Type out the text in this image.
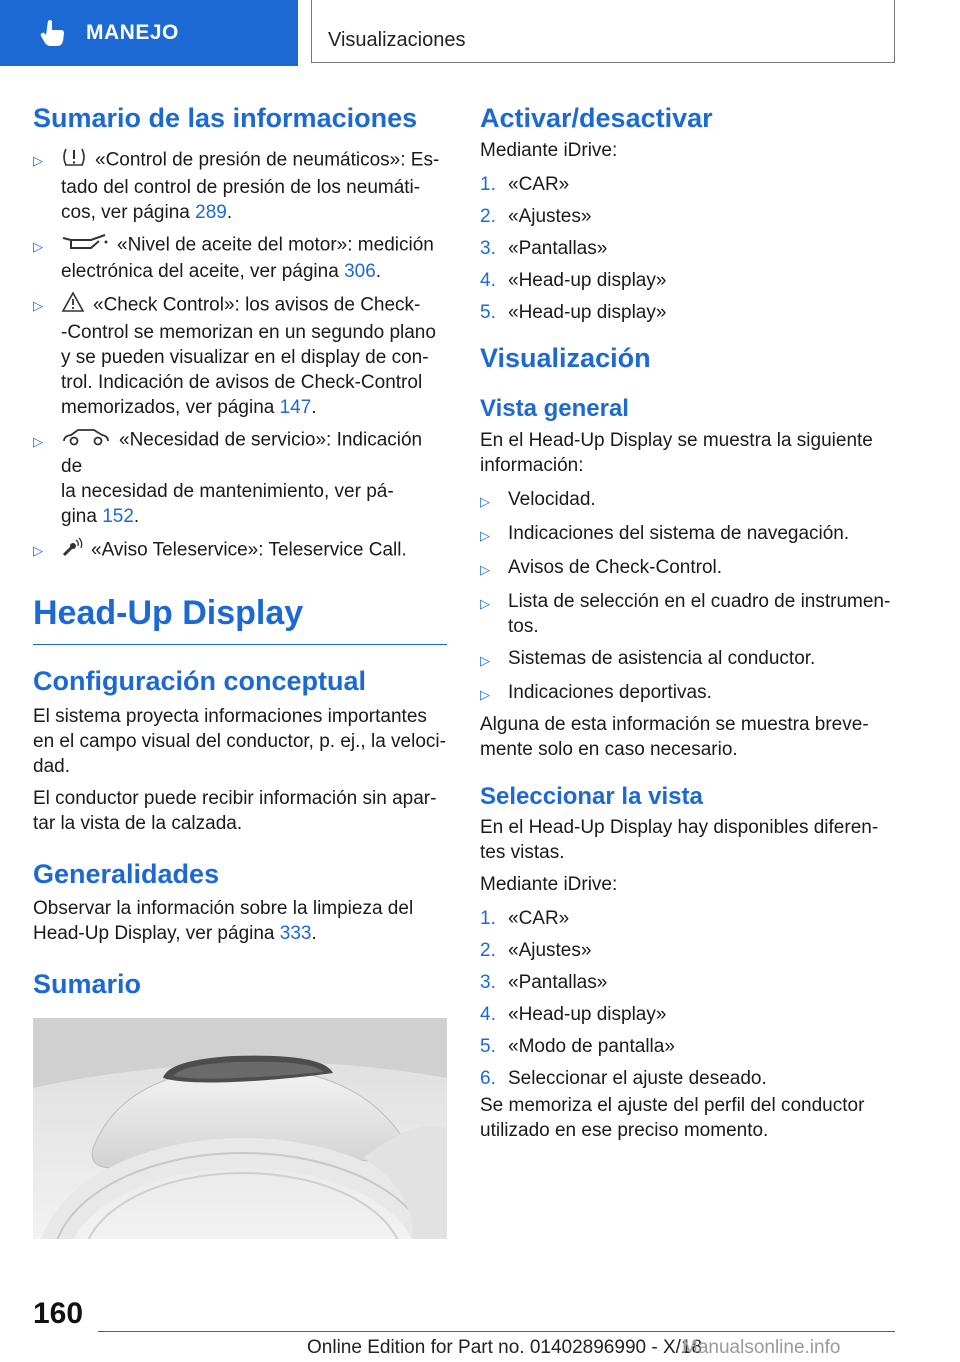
MANEJO	Visualizaciones
Sumario de las informaciones
▷	«Control de presión de neumáticos»: Es-
tado del control de presión de los neumáti-
cos, ver página 289.
▷	«Nivel de aceite del motor»: medición
electrónica del aceite, ver página 306.
▷	«Check Control»: los avisos de Check-
-Control se memorizan en un segundo plano
y se pueden visualizar en el display de con-
trol. Indicación de avisos de Check-Control
memorizados, ver página 147.
▷	«Necesidad de servicio»: Indicación de
la necesidad de mantenimiento, ver pá-
gina 152.
▷	«Aviso Teleservice»: Teleservice Call.
Head-Up Display
Configuración conceptual

El sistema proyecta informaciones importantes en el campo visual del conductor, p. ej., la veloci- dad.

El conductor puede recibir información sin apar- tar la vista de la calzada.

Generalidades

Observar la información sobre la limpieza del Head-Up Display, ver página 333.

Sumario
Activar/desactivar

Mediante iDrive:

1. «CAR»
2. «Ajustes»
3. «Pantallas»
4. «Head-up display»
5. «Head-up display»
Visualización
Vista general

En el Head-Up Display se muestra la siguiente información:

▷ Velocidad.
▷ Indicaciones del sistema de navegación.
▷ Avisos de Check-Control.
▷ Lista de selección en el cuadro de instrumen- tos.
▷ Sistemas de asistencia al conductor.
▷ Indicaciones deportivas.

Alguna de esta información se muestra breve- mente solo en caso necesario.

Seleccionar la vista

En el Head-Up Display hay disponibles diferen- tes vistas.

Mediante iDrive:

1. «CAR»
2. «Ajustes»
3. «Pantallas»
4. «Head-up display»
5. «Modo de pantalla»
6. Seleccionar el ajuste deseado.

Se memoriza el ajuste del perfil del conductor utilizado en ese preciso momento.

160
Online Edition for Part no. 01402896990 - X/18
Manualsonline.info
